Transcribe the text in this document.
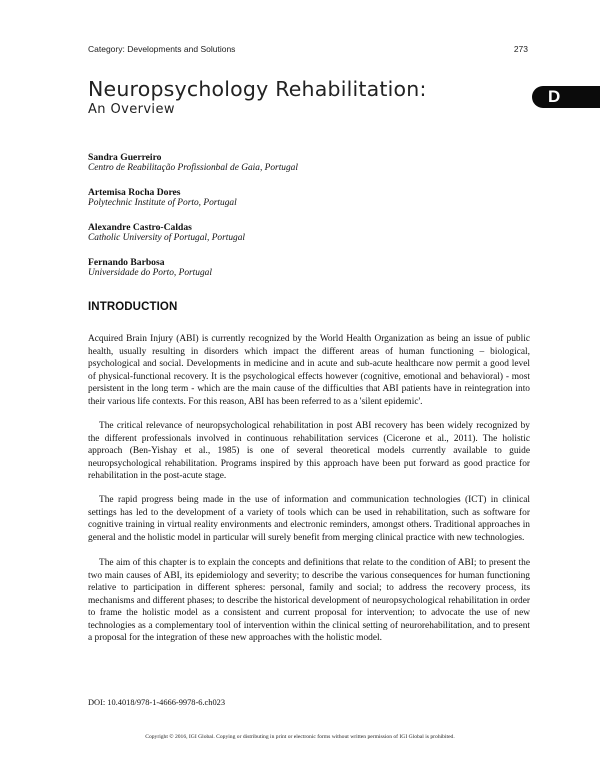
Category: Developments and Solutions	273
D
Neuropsychology Rehabilitation:
An Overview
Sandra Guerreiro
Centro de Reabilitação Profissionbal de Gaia, Portugal
Artemisa Rocha Dores
Polytechnic Institute of Porto, Portugal
Alexandre Castro-Caldas
Catholic University of Portugal, Portugal
Fernando Barbosa
Universidade do Porto, Portugal
INTRODUCTION
Acquired Brain Injury (ABI) is currently recognized by the World Health Organization as being an issue of public health, usually resulting in disorders which impact the different areas of human functioning – biological, psychological and social. Developments in medicine and in acute and sub-acute healthcare now permit a good level of physical-functional recovery. It is the psychological effects however (cognitive, emotional and behavioral) - most persistent in the long term - which are the main cause of the difficulties that ABI patients have in reintegration into their various life contexts. For this reason, ABI has been referred to as a 'silent epidemic'.
The critical relevance of neuropsychological rehabilitation in post ABI recovery has been widely recognized by the different professionals involved in continuous rehabilitation services (Cicerone et al., 2011). The holistic approach (Ben-Yishay et al., 1985) is one of several theoretical models currently available to guide neuropsychological rehabilitation. Programs inspired by this approach have been put forward as good practice for rehabilitation in the post-acute stage.
The rapid progress being made in the use of information and communication technologies (ICT) in clinical settings has led to the development of a variety of tools which can be used in rehabilitation, such as software for cognitive training in virtual reality environments and electronic reminders, amongst others. Traditional approaches in general and the holistic model in particular will surely benefit from merging clinical practice with new technologies.
The aim of this chapter is to explain the concepts and definitions that relate to the condition of ABI; to present the two main causes of ABI, its epidemiology and severity; to describe the various consequences for human functioning relative to participation in different spheres: personal, family and social; to address the recovery process, its mechanisms and different phases; to describe the historical development of neuropsychological rehabilitation in order to frame the holistic model as a consistent and current proposal for intervention; to advocate the use of new technologies as a complementary tool of intervention within the clinical setting of neurorehabilitation, and to present a proposal for the integration of these new approaches with the holistic model.
DOI: 10.4018/978-1-4666-9978-6.ch023
Copyright © 2016, IGI Global. Copying or distributing in print or electronic forms without written permission of IGI Global is prohibited.
